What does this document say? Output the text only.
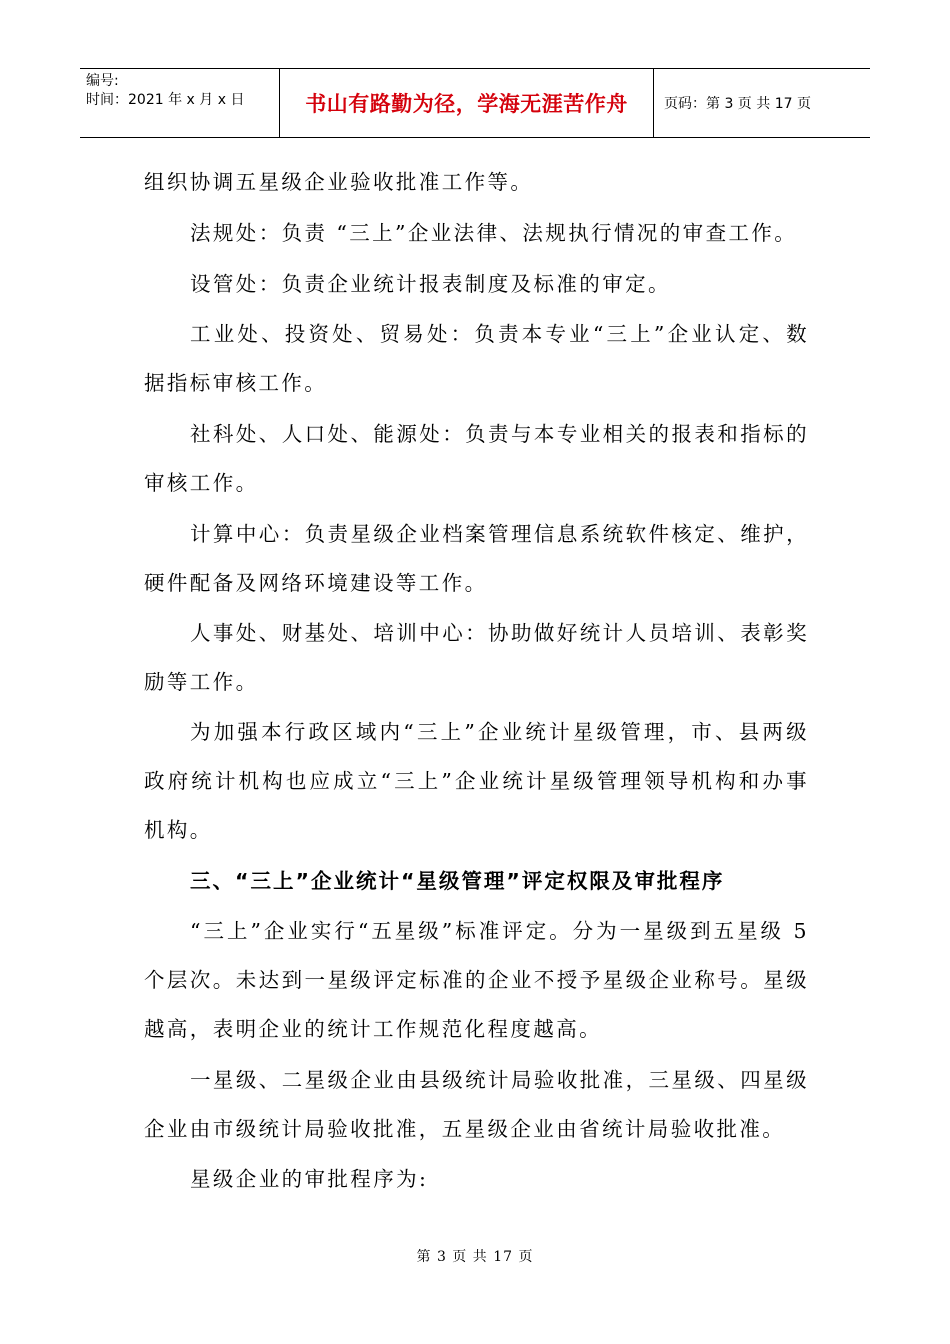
编号:
时间：2021 年 x 月 x 日	书山有路勤为径，学海无涯苦作舟	页码：第 3 页 共 17 页
组织协调五星级企业验收批准工作等。
法规处：负责 “三上”企业法律、法规执行情况的审查工作。
设管处：负责企业统计报表制度及标准的审定。
工业处、投资处、贸易处：负责本专业“三上”企业认定、数据指标审核工作。
社科处、人口处、能源处：负责与本专业相关的报表和指标的审核工作。
计算中心：负责星级企业档案管理信息系统软件核定、维护，硬件配备及网络环境建设等工作。
人事处、财基处、培训中心：协助做好统计人员培训、表彰奖励等工作。
为加强本行政区域内“三上”企业统计星级管理，市、县两级政府统计机构也应成立“三上”企业统计星级管理领导机构和办事机构。
三、“三上”企业统计“星级管理”评定权限及审批程序
“三上”企业实行“五星级”标准评定。分为一星级到五星级 5 个层次。未达到一星级评定标准的企业不授予星级企业称号。星级越高，表明企业的统计工作规范化程度越高。
一星级、二星级企业由县级统计局验收批准，三星级、四星级企业由市级统计局验收批准，五星级企业由省统计局验收批准。
星级企业的审批程序为:
第 3 页 共 17 页
